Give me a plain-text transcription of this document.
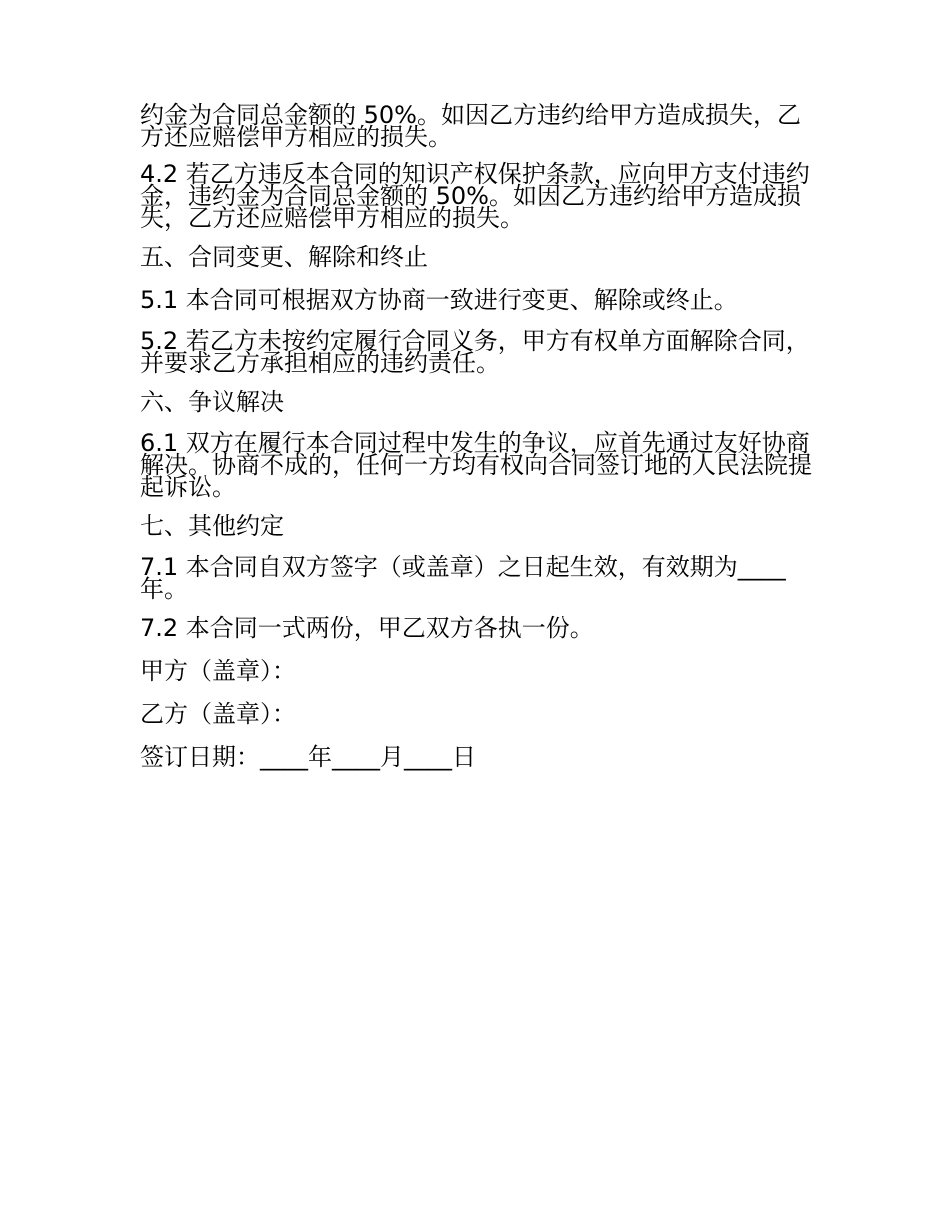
约金为合同总金额的 50%。如因乙方违约给甲方造成损失，乙方还应赔偿甲方相应的损失。

4.2 若乙方违反本合同的知识产权保护条款，应向甲方支付违约金，违约金为合同总金额的 50%。如因乙方违约给甲方造成损失，乙方还应赔偿甲方相应的损失。

五、合同变更、解除和终止

5.1 本合同可根据双方协商一致进行变更、解除或终止。

5.2 若乙方未按约定履行合同义务，甲方有权单方面解除合同，并要求乙方承担相应的违约责任。

六、争议解决

6.1 双方在履行本合同过程中发生的争议，应首先通过友好协商解决。协商不成的，任何一方均有权向合同签订地的人民法院提起诉讼。

七、其他约定

7.1 本合同自双方签字（或盖章）之日起生效，有效期为____年。

7.2 本合同一式两份，甲乙双方各执一份。

甲方（盖章）：

乙方（盖章）：

签订日期：____年____月____日
